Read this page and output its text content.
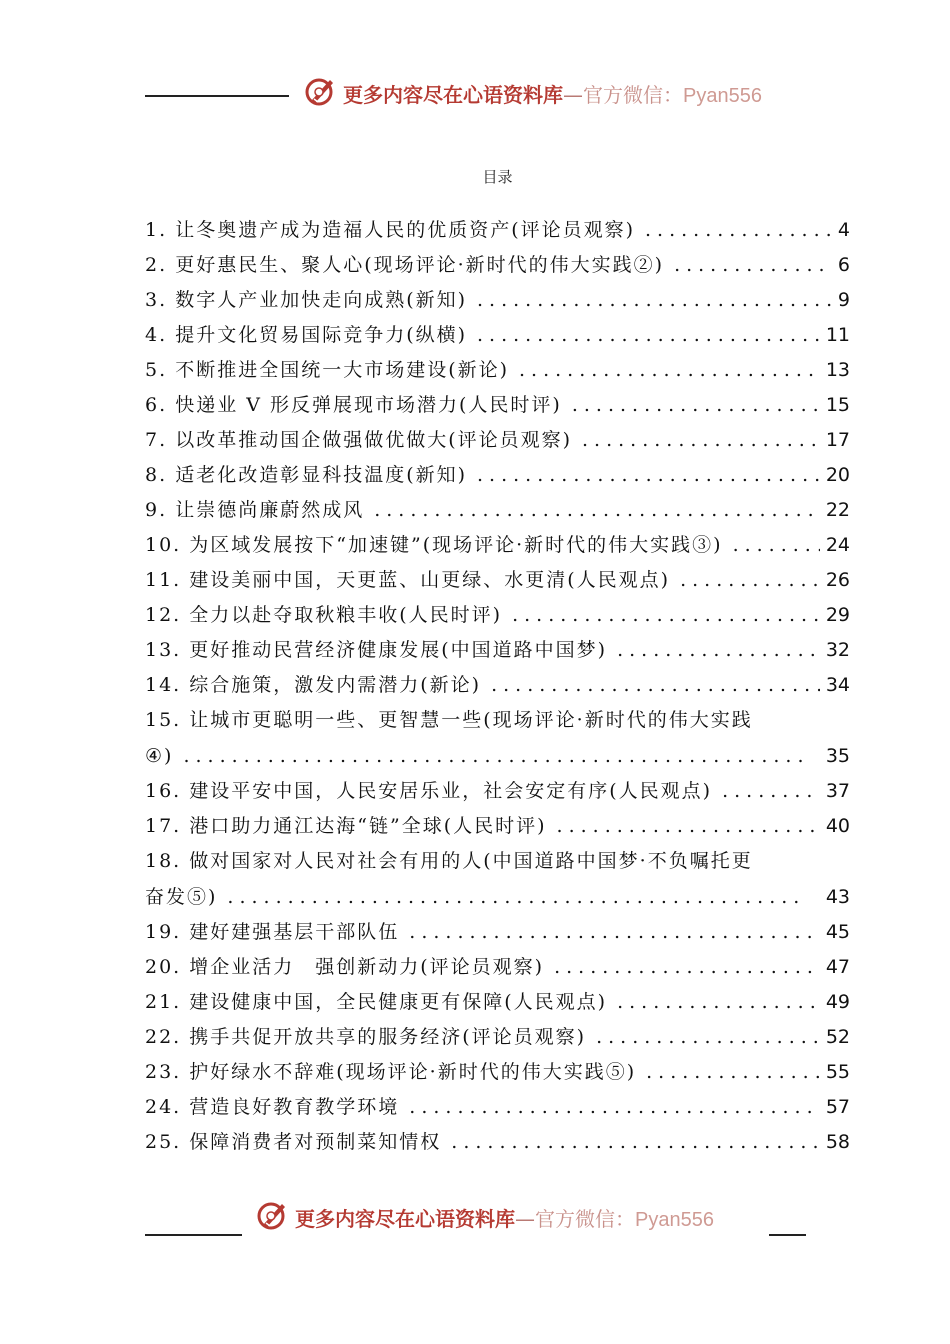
更多内容尽在心语资料库—官方微信：Pyan556
目录
1. 让冬奥遗产成为造福人民的优质资产(评论员观察) .....	4
2. 更好惠民生、聚人心(现场评论·新时代的伟大实践②) .....	6
3. 数字人产业加快走向成熟(新知) .....	9
4. 提升文化贸易国际竞争力(纵横) .....	11
5. 不断推进全国统一大市场建设(新论) .....	13
6. 快递业 V 形反弹展现市场潜力(人民时评) .....	15
7. 以改革推动国企做强做优做大(评论员观察) .....	17
8. 适老化改造彰显科技温度(新知) .....	20
9. 让崇德尚廉蔚然成风 .....	22
10. 为区域发展按下“加速键”(现场评论·新时代的伟大实践③) .....	24
11. 建设美丽中国，天更蓝、山更绿、水更清(人民观点) .....	26
12. 全力以赴夺取秋粮丰收(人民时评) .....	29
13. 更好推动民营经济健康发展(中国道路中国梦) .....	32
14. 综合施策，激发内需潜力(新论) .....	34
15. 让城市更聪明一些、更智慧一些(现场评论·新时代的伟大实践
④) .....	35
16. 建设平安中国，人民安居乐业，社会安定有序(人民观点) .....	37
17. 港口助力通江达海“链”全球(人民时评) .....	40
18. 做对国家对人民对社会有用的人(中国道路中国梦·不负嘱托更
奋发⑤) .....	43
19. 建好建强基层干部队伍 .....	45
20. 增企业活力　强创新动力(评论员观察) .....	47
21. 建设健康中国，全民健康更有保障(人民观点) .....	49
22. 携手共促开放共享的服务经济(评论员观察) .....	52
23. 护好绿水不辞难(现场评论·新时代的伟大实践⑤) .....	55
24. 营造良好教育教学环境 .....	57
25. 保障消费者对预制菜知情权 .....	58
更多内容尽在心语资料库—官方微信：Pyan556
